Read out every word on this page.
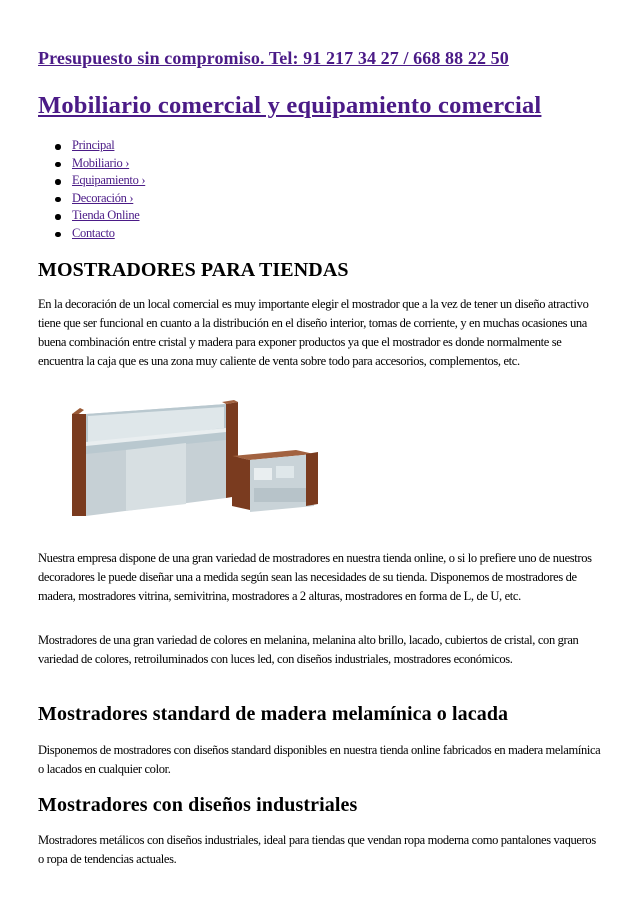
Presupuesto sin compromiso. Tel: 91 217 34 27 / 668 88 22 50
Mobiliario comercial y equipamiento comercial
Principal
Mobiliario ›
Equipamiento ›
Decoración ›
Tienda Online
Contacto
MOSTRADORES PARA TIENDAS

En la decoración de un local comercial es muy importante elegir el mostrador que a la vez de tener un diseño atractivo tiene que ser funcional en cuanto a la distribución en el diseño interior, tomas de corriente, y en muchas ocasiones una buena combinación entre cristal y madera para exponer productos ya que el mostrador es donde normalmente se encuentra la caja que es una zona muy caliente de venta sobre todo para accesorios, complementos, etc.

Nuestra empresa dispone de una gran variedad de mostradores en nuestra tienda online, o si lo prefiere uno de nuestros decoradores le puede diseñar una a medida según sean las necesidades de su tienda. Disponemos de mostradores de madera, mostradores vitrina, semivitrina, mostradores a 2 alturas, mostradores en forma de L, de U, etc.

Mostradores de una gran variedad de colores en melanina, melanina alto brillo, lacado, cubiertos de cristal, con gran variedad de colores, retroiluminados con luces led, con diseños industriales, mostradores económicos.

Mostradores standard de madera melamínica o lacada

Disponemos de mostradores con diseños standard disponibles en nuestra tienda online fabricados en madera melamínica o lacados en cualquier color.

Mostradores con diseños industriales

Mostradores metálicos con diseños industriales, ideal para tiendas que vendan ropa moderna como pantalones vaqueros o ropa de tendencias actuales.
